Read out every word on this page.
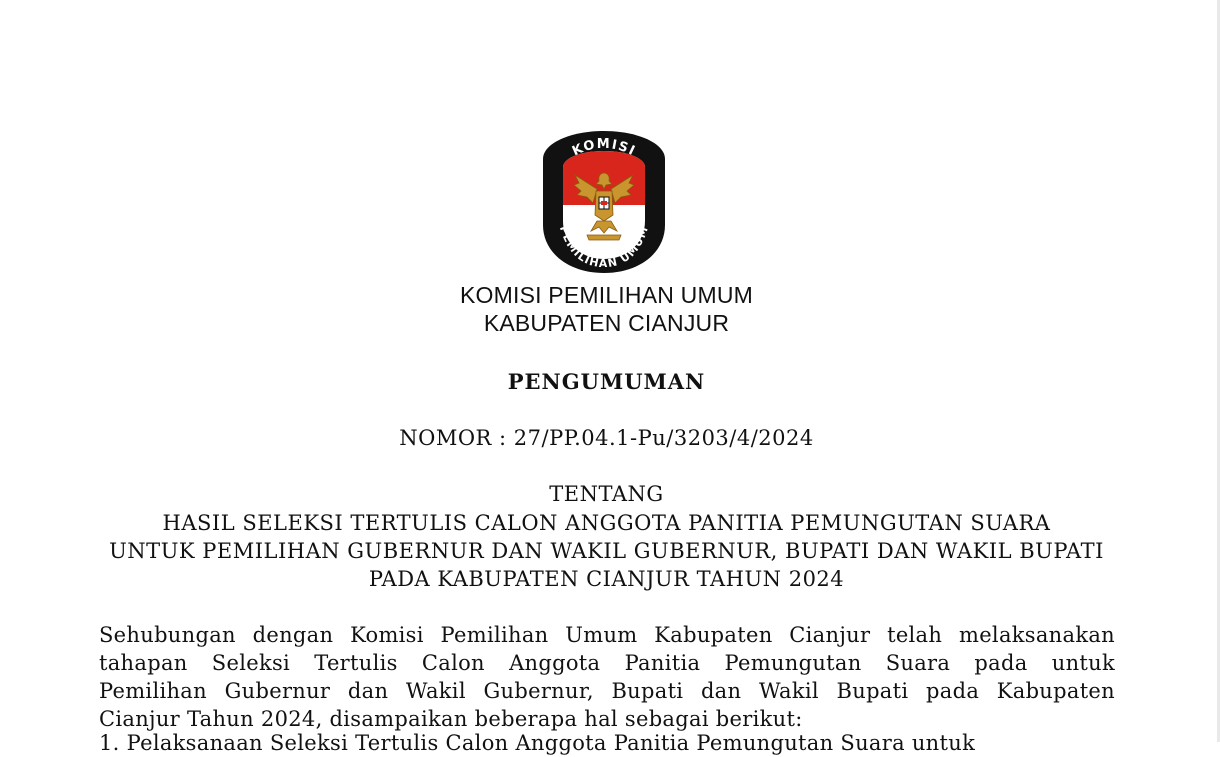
KOMISI
PEMILIHAN UMUM
KOMISI PEMILIHAN UMUM
KABUPATEN CIANJUR
PENGUMUMAN
NOMOR : 27/PP.04.1-Pu/3203/4/2024
TENTANG
HASIL SELEKSI TERTULIS CALON ANGGOTA PANITIA PEMUNGUTAN SUARA
UNTUK PEMILIHAN GUBERNUR DAN WAKIL GUBERNUR, BUPATI DAN WAKIL BUPATI
PADA KABUPATEN CIANJUR TAHUN 2024
Sehubungan dengan Komisi Pemilihan Umum Kabupaten Cianjur telah melaksanakan
tahapan Seleksi Tertulis Calon Anggota Panitia Pemungutan Suara pada untuk
Pemilihan Gubernur dan Wakil Gubernur, Bupati dan Wakil Bupati pada Kabupaten
Cianjur Tahun 2024, disampaikan beberapa hal sebagai berikut:
1. Pelaksanaan Seleksi Tertulis Calon Anggota Panitia Pemungutan Suara untuk
